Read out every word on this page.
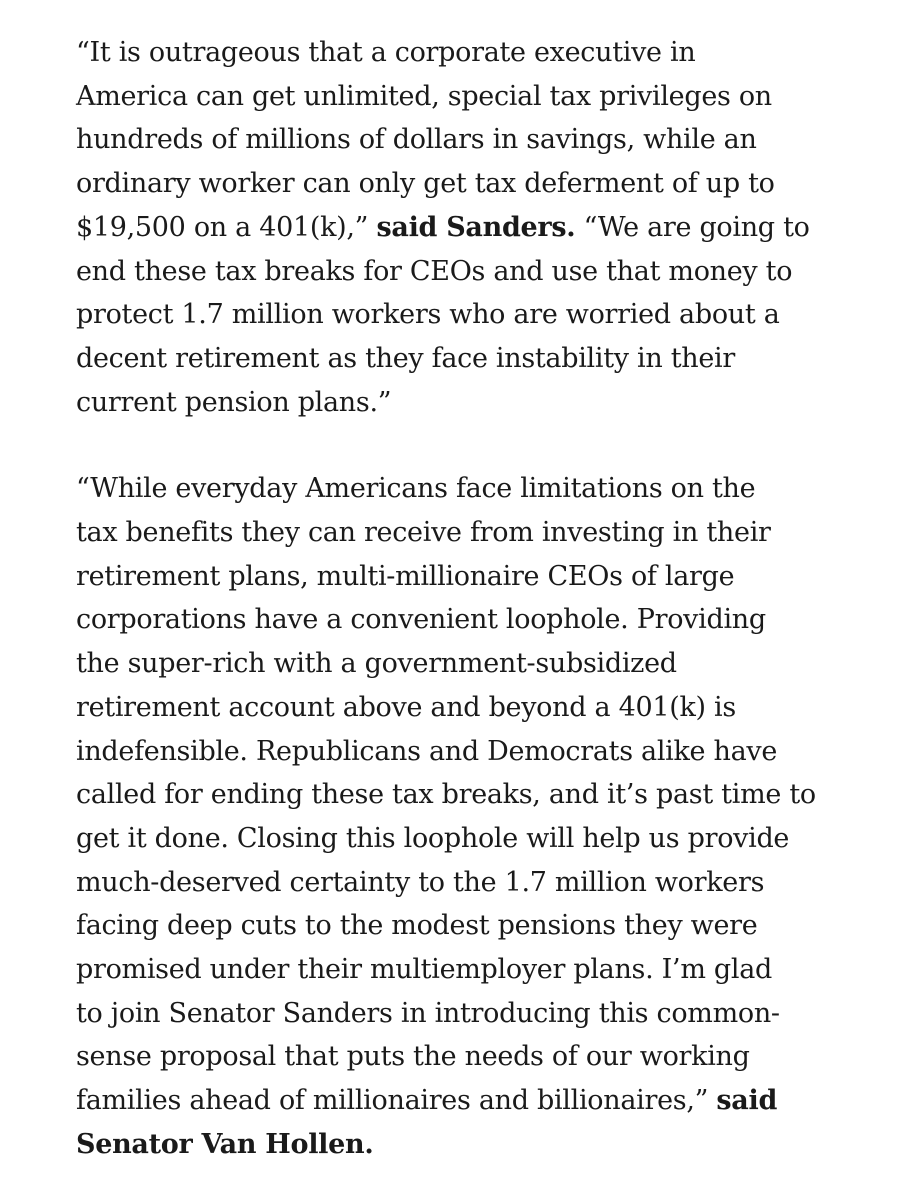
“It is outrageous that a corporate executive in
America can get unlimited, special tax privileges on
hundreds of millions of dollars in savings, while an
ordinary worker can only get tax deferment of up to
$19,500 on a 401(k),” said Sanders. “We are going to
end these tax breaks for CEOs and use that money to
protect 1.7 million workers who are worried about a
decent retirement as they face instability in their
current pension plans.”

“While everyday Americans face limitations on the
tax benefits they can receive from investing in their
retirement plans, multi-millionaire CEOs of large
corporations have a convenient loophole. Providing
the super-rich with a government-subsidized
retirement account above and beyond a 401(k) is
indefensible. Republicans and Democrats alike have
called for ending these tax breaks, and it’s past time to
get it done. Closing this loophole will help us provide
much-deserved certainty to the 1.7 million workers
facing deep cuts to the modest pensions they were
promised under their multiemployer plans. I’m glad
to join Senator Sanders in introducing this common-
sense proposal that puts the needs of our working
families ahead of millionaires and billionaires,” said
Senator Van Hollen.
